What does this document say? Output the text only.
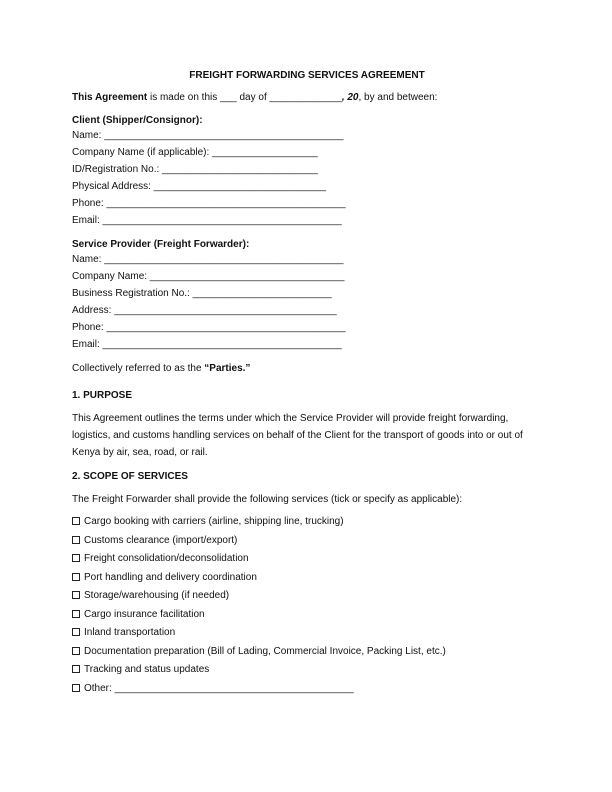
FREIGHT FORWARDING SERVICES AGREEMENT
This Agreement is made on this ___ day of _____________, 20, by and between:
Client (Shipper/Consignor):
Name: ___________________________________________
Company Name (if applicable): ___________________
ID/Registration No.: ____________________________
Physical Address: _______________________________
Phone: ___________________________________________
Email: ___________________________________________
Service Provider (Freight Forwarder):
Name: ___________________________________________
Company Name: ___________________________________
Business Registration No.: _________________________
Address: ________________________________________
Phone: ___________________________________________
Email: ___________________________________________
Collectively referred to as the “Parties.”
1. PURPOSE
This Agreement outlines the terms under which the Service Provider will provide freight forwarding, logistics, and customs handling services on behalf of the Client for the transport of goods into or out of Kenya by air, sea, road, or rail.
2. SCOPE OF SERVICES
The Freight Forwarder shall provide the following services (tick or specify as applicable):
Cargo booking with carriers (airline, shipping line, trucking)
Customs clearance (import/export)
Freight consolidation/deconsolidation
Port handling and delivery coordination
Storage/warehousing (if needed)
Cargo insurance facilitation
Inland transportation
Documentation preparation (Bill of Lading, Commercial Invoice, Packing List, etc.)
Tracking and status updates
Other: ___________________________________________
